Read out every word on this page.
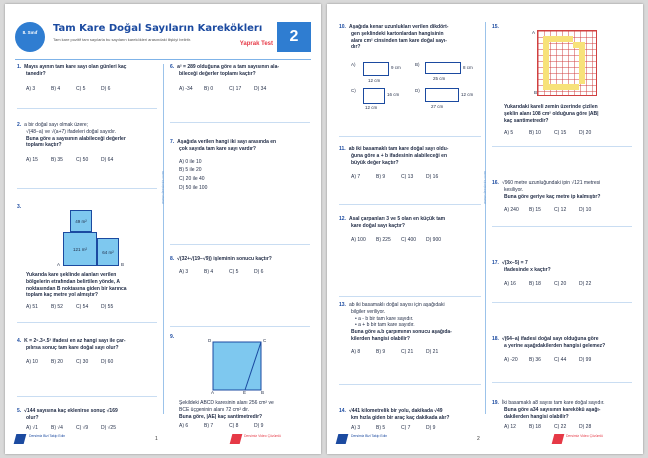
8. Sınıf	Tam Kare Doğal Sayıların Kareköklerı
Tam kare pozitif tam sayılarla bu sayıların karekökleri arasındaki ilişkiyi belirtir.
Yaprak Test	2
www.dersimis.com
1. Mayıs ayının tam kare sayı olan günleri kaç
tanedir?
A) 3	B) 4	C) 5	D) 6
2. a bir doğal sayı olmak üzere;
√(48−a) ve √(a+7) ifadeleri doğal sayıdır.
Buna göre a sayısının alabileceği değerler
toplamı kaçtır?
A) 15	B) 35	C) 50	D) 64
3.
49 m²
121 m²
64 m²
A	B
Yukarıda kare şeklinde alanları verilen
bölgelerin etrafından belirtilen yönde, A
noktasından B noktasına giden bir karınca
toplam kaç metre yol almıştır?
A) 51	B) 52	C) 54	D) 55
4. K = 2⁵.3⁴.5³ ifadesi en az hangi sayı ile çar-
pılırsa sonuç tam kare doğal sayı olur?
A) 10	B) 20	C) 30	D) 60
5. √144 sayısına kaç eklenirse sonuç √169
olur?
A) √1	B) √4	C) √9	D) √25
6. a² = 289 olduğuna göre a tam sayısının ala-
bileceği değerler toplamı kaçtır?
A) -34	B) 0	C) 17	D) 34
7. Aşağıda verilen hangi iki sayı arasında en
çok sayıda tam kare sayı vardır?
A) 0 ile 10
B) 5 ile 20
C) 20 ile 40
D) 50 ile 100
8. √(32+√(19−√9)) işleminin sonucu kaçtır?
A) 3	B) 4	C) 5	D) 6
9.
D	C
A	E	B
Şekildeki ABCD karesinin alanı 256 cm² ve
BCE üçgeninin alanı 72 cm² dir.
Buna göre, |AE| kaç santimetredir?
A) 6	B) 7	C) 8	D) 9
Dersimiz Bizi Takip Edin	1	Dersimiz Video Çözümlü
www.dersimis.com
10. Aşağıda kenar uzunlukları verilen dikdört-
gen şeklindeki kartonlardan hangisinin
alanı cm² cinsinden tam kare doğal sayı-
dır?
A)
9 cm
12 cm
B)
8 cm
25 cm
C)
16 cm
12 cm
D)
12 cm
27 cm
11. ab iki basamaklı tam kare doğal sayı oldu-
ğuna göre a + b ifadesinin alabileceği en
büyük değer kaçtır?
A) 7	B) 9	C) 13	D) 16
12. Asal çarpanları 3 ve 5 olan en küçük tam
kare doğal sayı kaçtır?
A) 100	B) 225	C) 400	D) 900
13. ab iki basamaklı doğal sayısı için aşağıdaki
bilgiler veriliyor.
• a - b bir tam kare sayıdır.
• a + b bir tam kare sayıdır.
Buna göre a.b çarpımının sonucu aşağıda-
kilerden hangisi olabilir?
A) 8	B) 9	C) 21	D) 21
14. √441 kilometrelik bir yolu, dakikada √49
km hızla giden bir araç kaç dakikada alır?
A) 3	B) 5	C) 7	D) 9
15.
A
B
Yukarıdaki kareli zemin üzerinde çizilen
şeklin alanı 108 cm² olduğuna göre |AB|
kaç santimetredir?
A) 5	B) 10	C) 15	D) 20
16. √960 metre uzunluğundaki ipin √121 metresi
kesiliyor.
Buna göre geriye kaç metre ip kalmıştır?
A) 240	B) 15	C) 12	D) 10
17. √(3x−5) = 7
ifadesinde x kaçtır?
A) 16	B) 18	C) 20	D) 22
18. √(64−a) ifadesi doğal sayı olduğuna göre
a yerine aşağıdakilerden hangisi gelemez?
A) -20	B) 36	C) 44	D) 99
19. İki basamaklı a8 sayısı tam kare doğal sayıdır.
Buna göre a34 sayısının karekökü aşağı-
dakilerden hangisi olabilir?
A) 12	B) 18	C) 22	D) 28
Dersimiz Bizi Takip Edin	2	Dersimiz Video Çözümlü
